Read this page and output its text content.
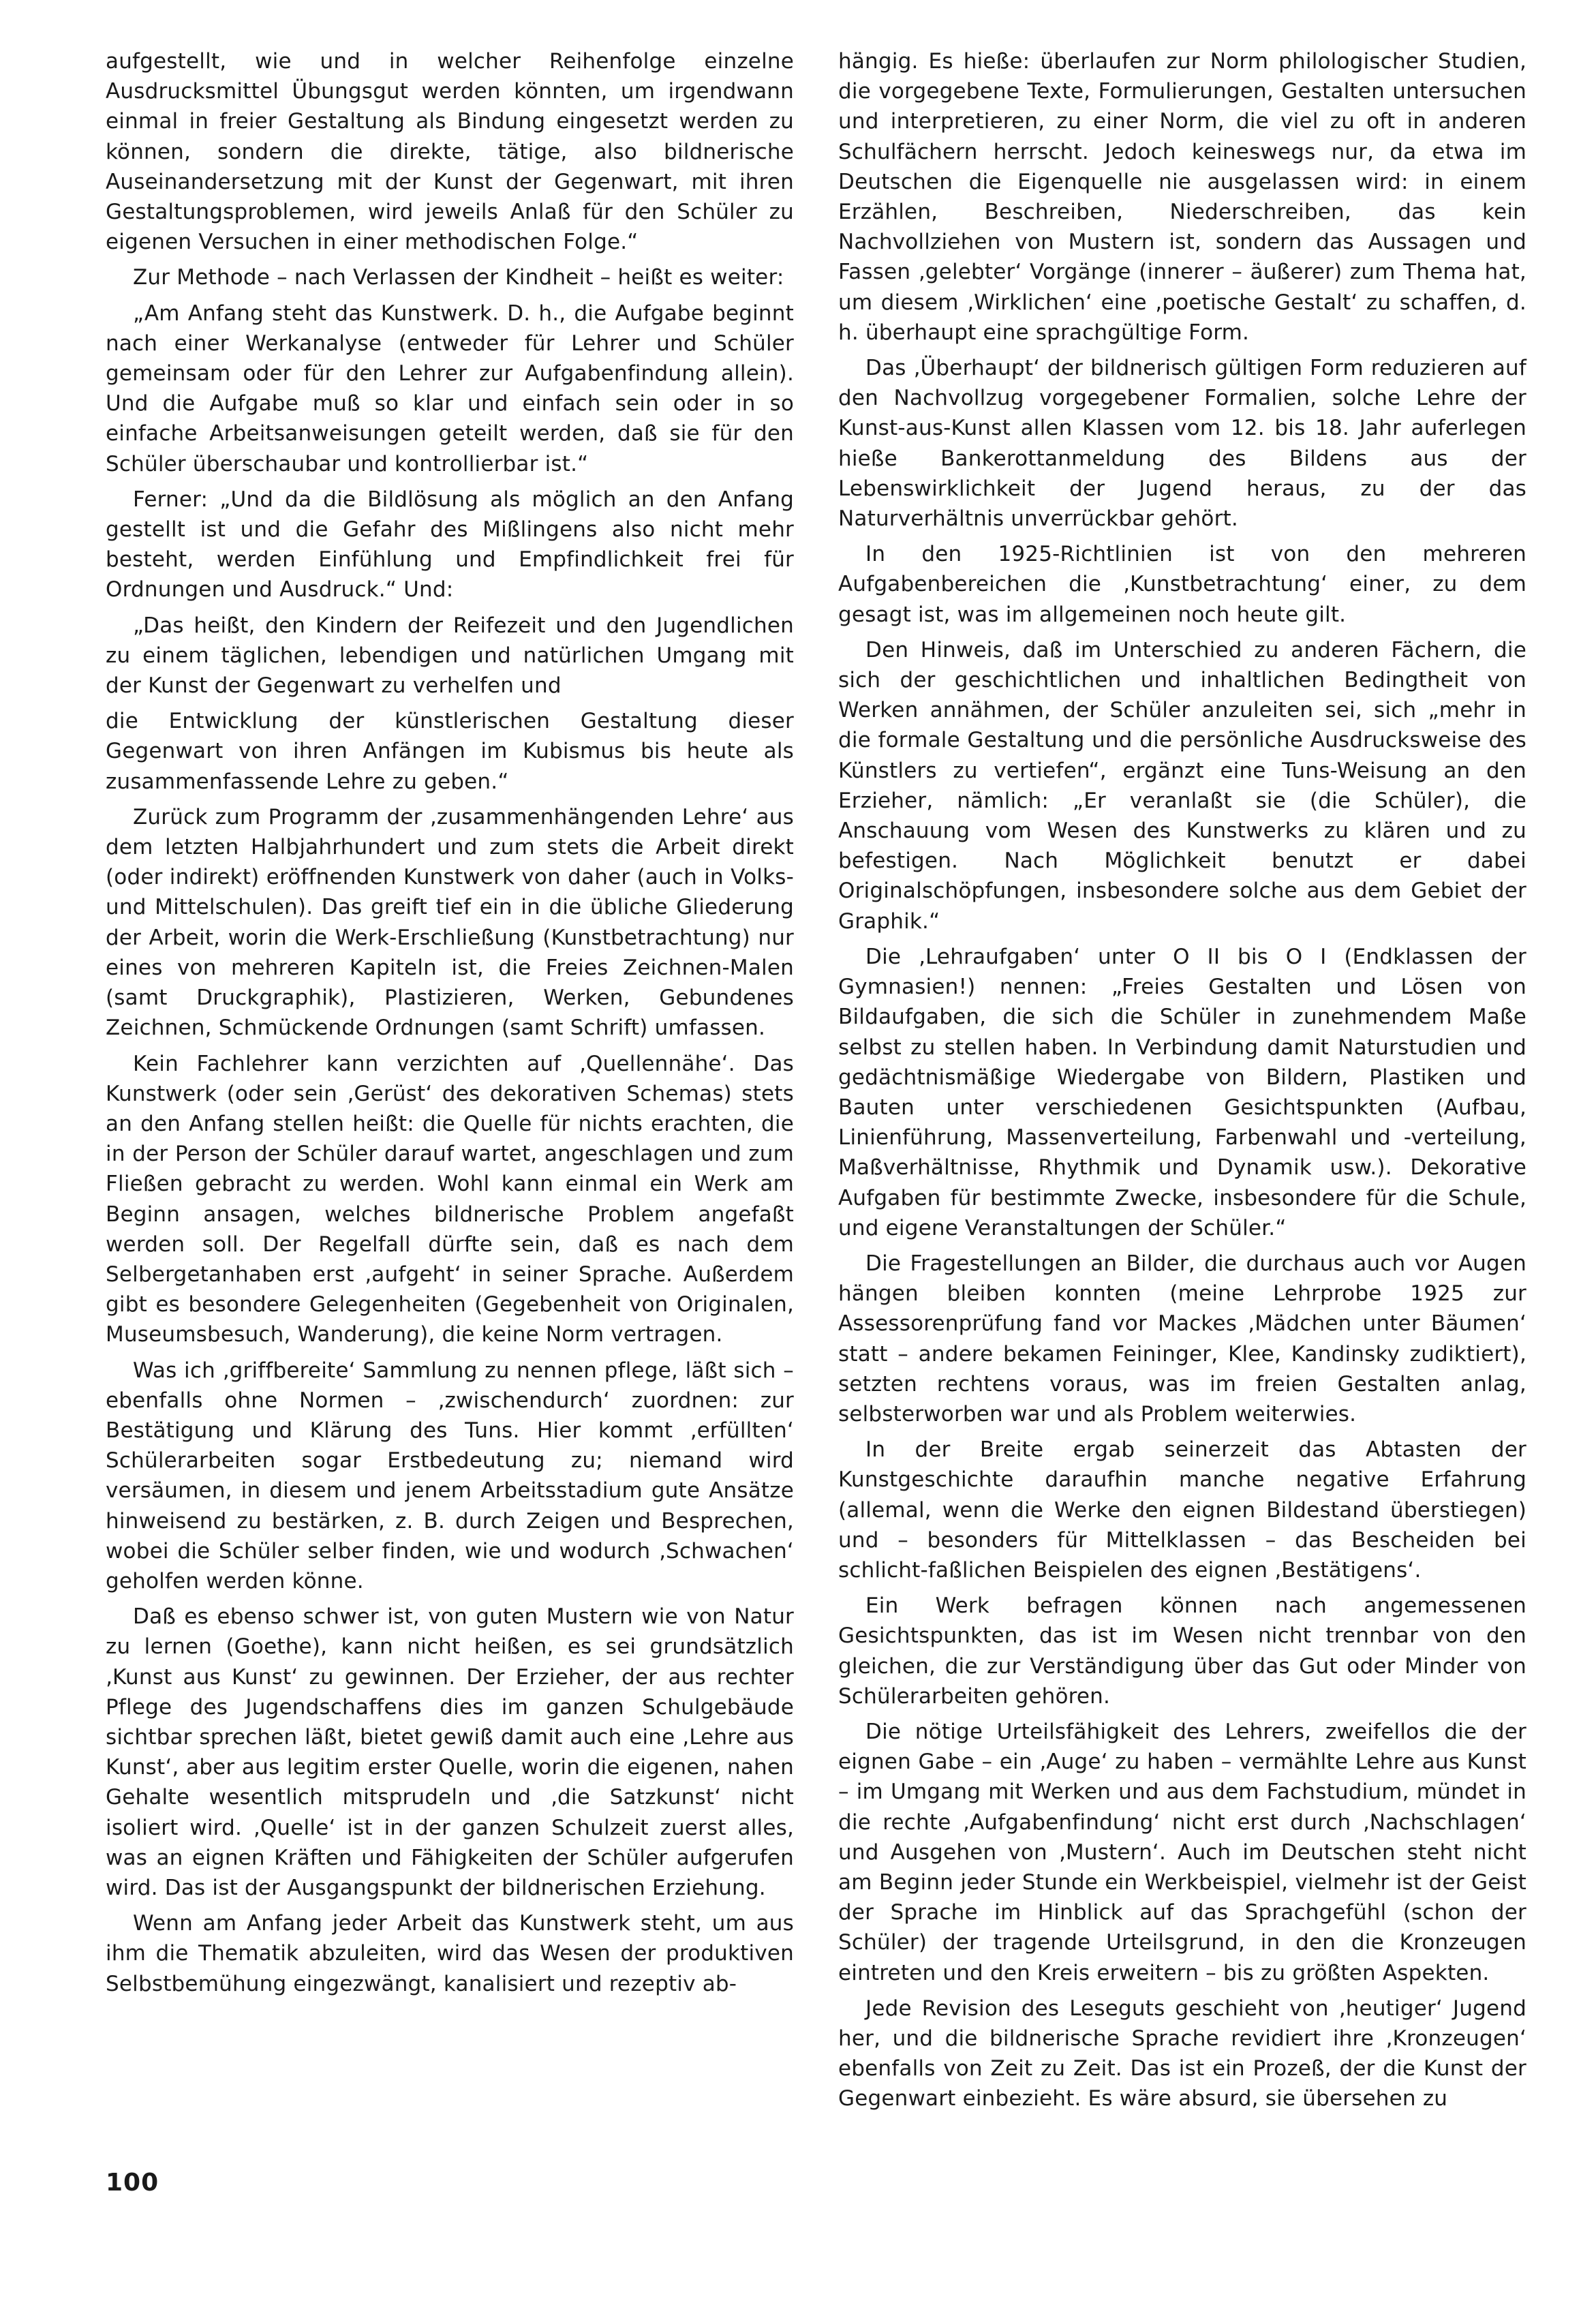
aufgestellt, wie und in welcher Reihenfolge einzelne Ausdrucksmittel Übungsgut werden könnten, um irgendwann einmal in freier Gestaltung als Bindung eingesetzt werden zu können, sondern die direkte, tätige, also bildnerische Auseinandersetzung mit der Kunst der Gegenwart, mit ihren Gestaltungsproblemen, wird jeweils Anlaß für den Schüler zu eigenen Versuchen in einer methodischen Folge.“

Zur Methode – nach Verlassen der Kindheit – heißt es weiter:

„Am Anfang steht das Kunstwerk. D. h., die Aufgabe beginnt nach einer Werkanalyse (entweder für Lehrer und Schüler gemeinsam oder für den Lehrer zur Aufgabenfindung allein). Und die Aufgabe muß so klar und einfach sein oder in so einfache Arbeitsanweisungen geteilt werden, daß sie für den Schüler überschaubar und kontrollierbar ist.“

Ferner: „Und da die Bildlösung als möglich an den Anfang gestellt ist und die Gefahr des Mißlingens also nicht mehr besteht, werden Einfühlung und Empfindlichkeit frei für Ordnungen und Ausdruck.“ Und:

„Das heißt, den Kindern der Reifezeit und den Jugendlichen zu einem täglichen, lebendigen und natürlichen Umgang mit der Kunst der Gegenwart zu verhelfen und

die Entwicklung der künstlerischen Gestaltung dieser Gegenwart von ihren Anfängen im Kubismus bis heute als zusammenfassende Lehre zu geben.“

Zurück zum Programm der ‚zusammenhängenden Lehre‘ aus dem letzten Halbjahrhundert und zum stets die Arbeit direkt (oder indirekt) eröffnenden Kunstwerk von daher (auch in Volks- und Mittelschulen). Das greift tief ein in die übliche Gliederung der Arbeit, worin die Werk-Erschließung (Kunstbetrachtung) nur eines von mehreren Kapiteln ist, die Freies Zeichnen-Malen (samt Druckgraphik), Plastizieren, Werken, Gebundenes Zeichnen, Schmückende Ordnungen (samt Schrift) umfassen.

Kein Fachlehrer kann verzichten auf ‚Quellennähe‘. Das Kunstwerk (oder sein ‚Gerüst‘ des dekorativen Schemas) stets an den Anfang stellen heißt: die Quelle für nichts erachten, die in der Person der Schüler darauf wartet, angeschlagen und zum Fließen gebracht zu werden. Wohl kann einmal ein Werk am Beginn ansagen, welches bildnerische Problem angefaßt werden soll. Der Regelfall dürfte sein, daß es nach dem Selbergetanhaben erst ‚aufgeht‘ in seiner Sprache. Außerdem gibt es besondere Gelegenheiten (Gegebenheit von Originalen, Museumsbesuch, Wanderung), die keine Norm vertragen.

Was ich ‚griffbereite‘ Sammlung zu nennen pflege, läßt sich – ebenfalls ohne Normen – ‚zwischendurch‘ zuordnen: zur Bestätigung und Klärung des Tuns. Hier kommt ‚erfüllten‘ Schülerarbeiten sogar Erstbedeutung zu; niemand wird versäumen, in diesem und jenem Arbeitsstadium gute Ansätze hinweisend zu bestärken, z. B. durch Zeigen und Besprechen, wobei die Schüler selber finden, wie und wodurch ‚Schwachen‘ geholfen werden könne.

Daß es ebenso schwer ist, von guten Mustern wie von Natur zu lernen (Goethe), kann nicht heißen, es sei grundsätzlich ‚Kunst aus Kunst‘ zu gewinnen. Der Erzieher, der aus rechter Pflege des Jugendschaffens dies im ganzen Schulgebäude sichtbar sprechen läßt, bietet gewiß damit auch eine ‚Lehre aus Kunst‘, aber aus legitim erster Quelle, worin die eigenen, nahen Gehalte wesentlich mitsprudeln und ‚die Satzkunst‘ nicht isoliert wird. ‚Quelle‘ ist in der ganzen Schulzeit zuerst alles, was an eignen Kräften und Fähigkeiten der Schüler aufgerufen wird. Das ist der Ausgangspunkt der bildnerischen Erziehung.

Wenn am Anfang jeder Arbeit das Kunstwerk steht, um aus ihm die Thematik abzuleiten, wird das Wesen der produktiven Selbstbemühung eingezwängt, kanalisiert und rezeptiv ab-

hängig. Es hieße: überlaufen zur Norm philologischer Studien, die vorgegebene Texte, Formulierungen, Gestalten untersuchen und interpretieren, zu einer Norm, die viel zu oft in anderen Schulfächern herrscht. Jedoch keineswegs nur, da etwa im Deutschen die Eigenquelle nie ausgelassen wird: in einem Erzählen, Beschreiben, Niederschreiben, das kein Nachvollziehen von Mustern ist, sondern das Aussagen und Fassen ‚gelebter‘ Vorgänge (innerer – äußerer) zum Thema hat, um diesem ‚Wirklichen‘ eine ‚poetische Gestalt‘ zu schaffen, d. h. überhaupt eine sprachgültige Form.

Das ‚Überhaupt‘ der bildnerisch gültigen Form reduzieren auf den Nachvollzug vorgegebener Formalien, solche Lehre der Kunst-aus-Kunst allen Klassen vom 12. bis 18. Jahr auferlegen hieße Bankerottanmeldung des Bildens aus der Lebenswirklichkeit der Jugend heraus, zu der das Naturverhältnis unverrückbar gehört.

In den 1925-Richtlinien ist von den mehreren Aufgabenbereichen die ‚Kunstbetrachtung‘ einer, zu dem gesagt ist, was im allgemeinen noch heute gilt.

Den Hinweis, daß im Unterschied zu anderen Fächern, die sich der geschichtlichen und inhaltlichen Bedingtheit von Werken annähmen, der Schüler anzuleiten sei, sich „mehr in die formale Gestaltung und die persönliche Ausdrucksweise des Künstlers zu vertiefen“, ergänzt eine Tuns-Weisung an den Erzieher, nämlich: „Er veranlaßt sie (die Schüler), die Anschauung vom Wesen des Kunstwerks zu klären und zu befestigen. Nach Möglichkeit benutzt er dabei Originalschöpfungen, insbesondere solche aus dem Gebiet der Graphik.“

Die ‚Lehraufgaben‘ unter O II bis O I (Endklassen der Gymnasien!) nennen: „Freies Gestalten und Lösen von Bildaufgaben, die sich die Schüler in zunehmendem Maße selbst zu stellen haben. In Verbindung damit Naturstudien und gedächtnismäßige Wiedergabe von Bildern, Plastiken und Bauten unter verschiedenen Gesichtspunkten (Aufbau, Linienführung, Massenverteilung, Farbenwahl und -verteilung, Maßverhältnisse, Rhythmik und Dynamik usw.). Dekorative Aufgaben für bestimmte Zwecke, insbesondere für die Schule, und eigene Veranstaltungen der Schüler.“

Die Fragestellungen an Bilder, die durchaus auch vor Augen hängen bleiben konnten (meine Lehrprobe 1925 zur Assessorenprüfung fand vor Mackes ‚Mädchen unter Bäumen‘ statt – andere bekamen Feininger, Klee, Kandinsky zudiktiert), setzten rechtens voraus, was im freien Gestalten anlag, selbsterworben war und als Problem weiterwies.

In der Breite ergab seinerzeit das Abtasten der Kunstgeschichte daraufhin manche negative Erfahrung (allemal, wenn die Werke den eignen Bildestand überstiegen) und – besonders für Mittelklassen – das Bescheiden bei schlicht-faßlichen Beispielen des eignen ‚Bestätigens‘.

Ein Werk befragen können nach angemessenen Gesichtspunkten, das ist im Wesen nicht trennbar von den gleichen, die zur Verständigung über das Gut oder Minder von Schülerarbeiten gehören.

Die nötige Urteilsfähigkeit des Lehrers, zweifellos die der eignen Gabe – ein ‚Auge‘ zu haben – vermählte Lehre aus Kunst – im Umgang mit Werken und aus dem Fachstudium, mündet in die rechte ‚Aufgabenfindung‘ nicht erst durch ‚Nachschlagen‘ und Ausgehen von ‚Mustern‘. Auch im Deutschen steht nicht am Beginn jeder Stunde ein Werkbeispiel, vielmehr ist der Geist der Sprache im Hinblick auf das Sprachgefühl (schon der Schüler) der tragende Urteilsgrund, in den die Kronzeugen eintreten und den Kreis erweitern – bis zu größten Aspekten.

Jede Revision des Leseguts geschieht von ‚heutiger‘ Jugend her, und die bildnerische Sprache revidiert ihre ‚Kronzeugen‘ ebenfalls von Zeit zu Zeit. Das ist ein Prozeß, der die Kunst der Gegenwart einbezieht. Es wäre absurd, sie übersehen zu

100
